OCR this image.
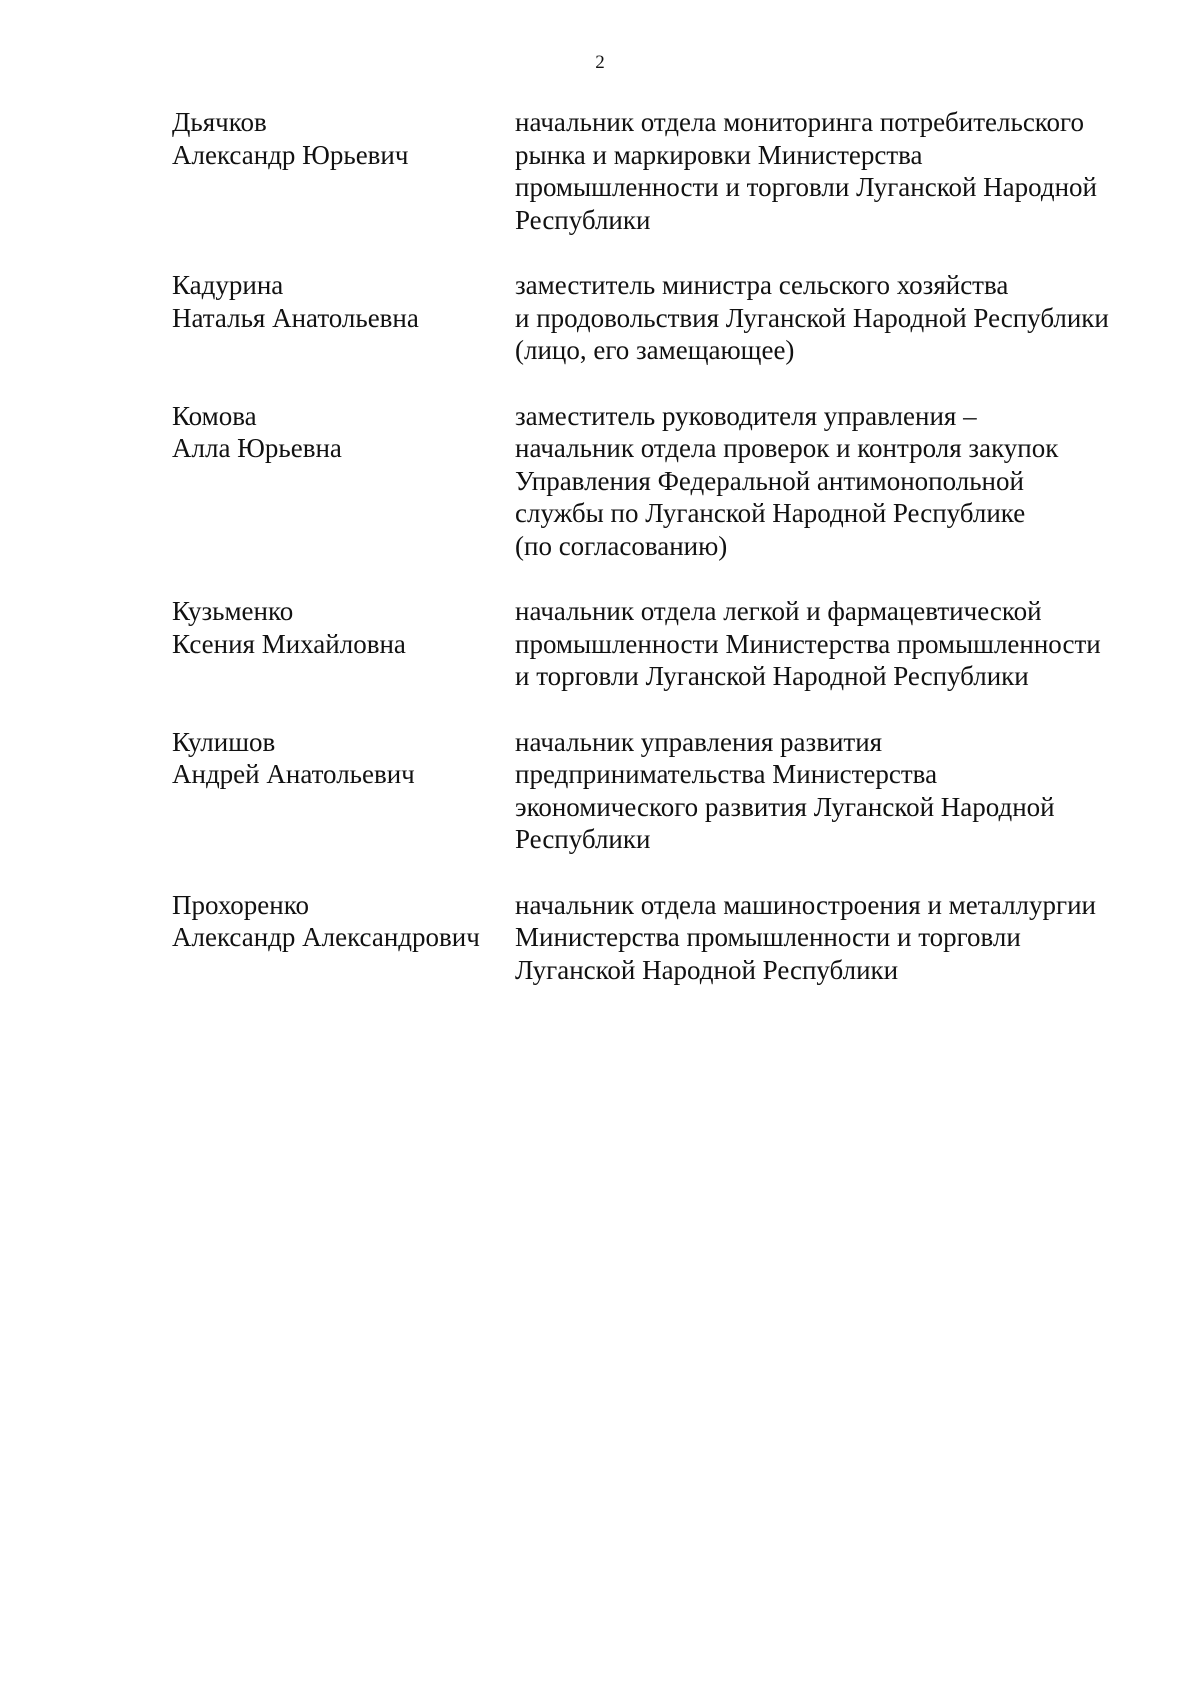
2
Дьячков
Александр Юрьевич
начальник отдела мониторинга потребительского
рынка и маркировки Министерства
промышленности и торговли Луганской Народной
Республики
Кадурина
Наталья Анатольевна
заместитель министра сельского хозяйства
и продовольствия Луганской Народной Республики
(лицо, его замещающее)
Комова
Алла Юрьевна
заместитель руководителя управления –
начальник отдела проверок и контроля закупок
Управления Федеральной антимонопольной
службы по Луганской Народной Республике
(по согласованию)
Кузьменко
Ксения Михайловна
начальник отдела легкой и фармацевтической
промышленности Министерства промышленности
и торговли Луганской Народной Республики
Кулишов
Андрей Анатольевич
начальник управления развития
предпринимательства Министерства
экономического развития Луганской Народной
Республики
Прохоренко
Александр Александрович
начальник отдела машиностроения и металлургии
Министерства промышленности и торговли
Луганской Народной Республики
